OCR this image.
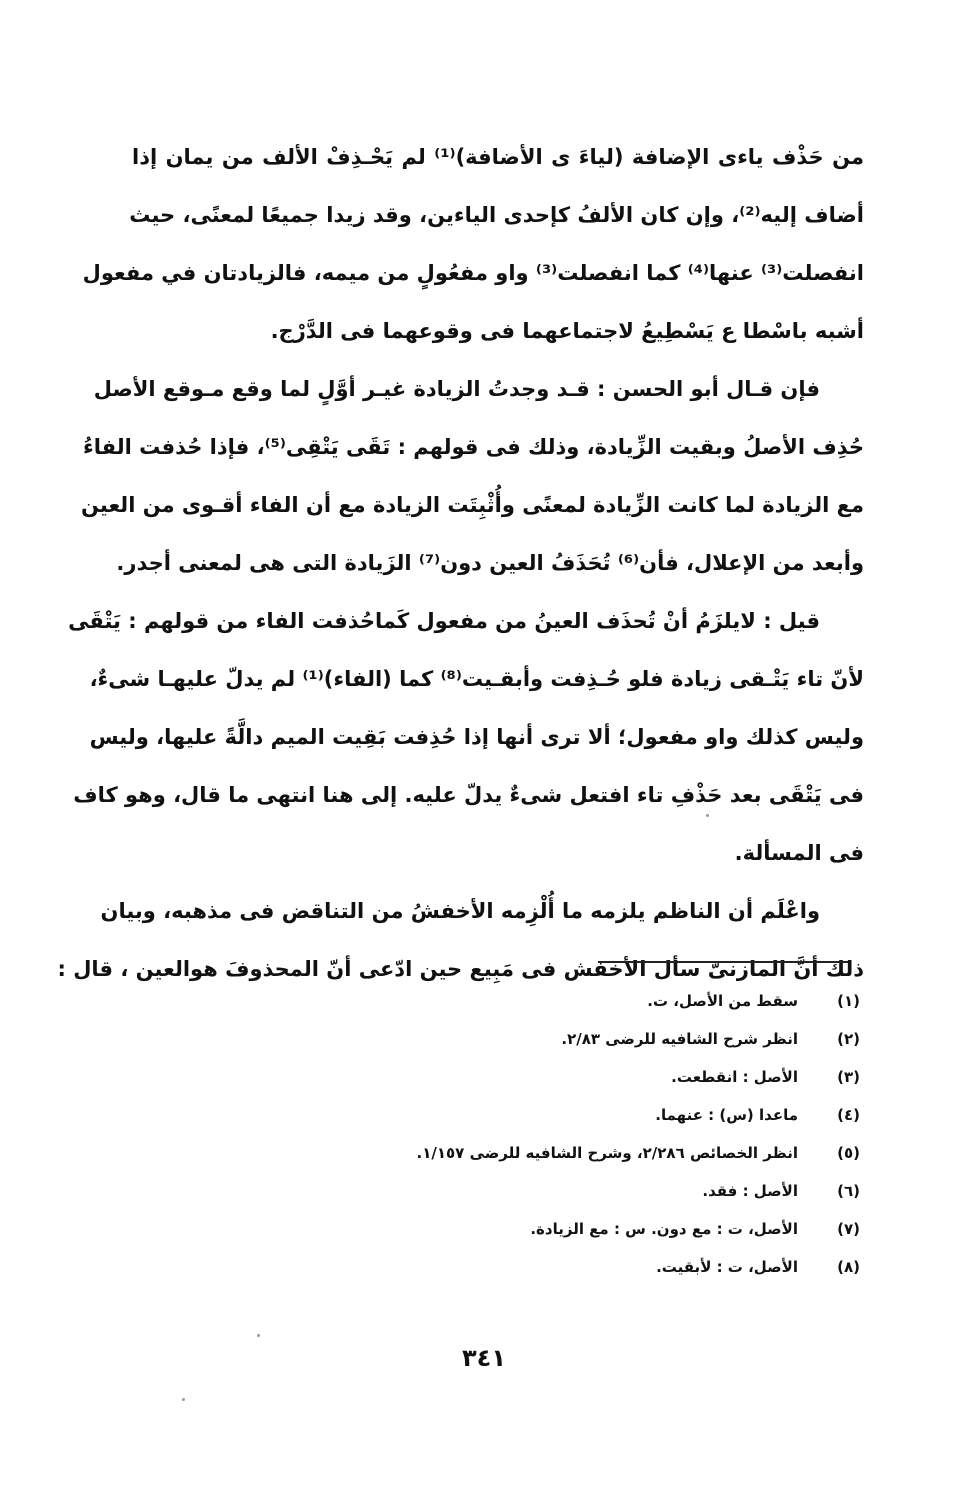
من حَذْف ياءى الإضافة (لياءَ ى الأضافة)⁽¹⁾ لم يَحْـذِفْ الألف من يمان إذا
أضاف إليه⁽²⁾، وإن كان الألفُ كإحدى الياءين، وقد زيدا جميعًا لمعنًى، حيث
انفصلت⁽³⁾ عنها⁽⁴⁾ كما انفصلت⁽³⁾ واو مفعُولٍ من ميمه، فالزيادتان في مفعول
أشبه باسْطا ع يَسْطِيعُ لاجتماعهما فى وقوعهما فى الدَّرْج.
فإن قـال أبو الحسن : قـد وجدتُ الزيادة غيـر أوَّلٍ لما وقع مـوقع الأصل
حُذِف الأصلُ وبقيت الزِّيادة، وذلك فى قولهم : تَقَى يَتْقِى⁽⁵⁾، فإذا حُذفت الفاءُ
مع الزيادة لما كانت الزِّيادة لمعنًى وأُثْبِتَت الزيادة مع أن الفاء أقـوى من العين
وأبعد من الإعلال، فأن⁽⁶⁾ تُحَذَفُ العين دون⁽⁷⁾ الزَيادة التى هى لمعنى أجدر.
قيل : لايلزَمُ أنْ تُحذَف العينُ من مفعول كَماحُذفت الفاء من قولهم : يَتْقَى
لأنّ تاء يَتْـقى زيادة فلو حُـذِفت وأبقـيت⁽⁸⁾ كما (الفاء)⁽¹⁾ لم يدلّ عليهـا شىءٌ،
وليس كذلك واو مفعول؛ ألا ترى أنها إذا حُذِفت بَقِيت الميم دالَّةً عليها، وليس
فى يَتْقَى بعد حَذْفِ تاء افتعل شىءٌ يدلّ عليه. إلى هنا انتهى ما قال، وهو كاف
فى المسألة.
واعْلَم أن الناظم يلزمه ما أُلْزِمه الأخفشُ من التناقض فى مذهبه، وبيان
ذلك أنَّ المازنىّ سأل الأخفش فى مَبِيع حين ادّعى أنّ المحذوفَ هوالعين ، قال :
(١)
سقط من الأصل، ت.
(٢)
انظر شرح الشافيه للرضى ٢/٨٣.
(٣)
الأصل : انقطعت.
(٤)
ماعدا (س) : عنهما.
(٥)
انظر الخصائص ٢/٢٨٦، وشرح الشافيه للرضى ١/١٥٧.
(٦)
الأصل : فقد.
(٧)
الأصل، ت : مع دون. س : مع الزيادة.
(٨)
الأصل، ت : لأبقيت.
٣٤١
